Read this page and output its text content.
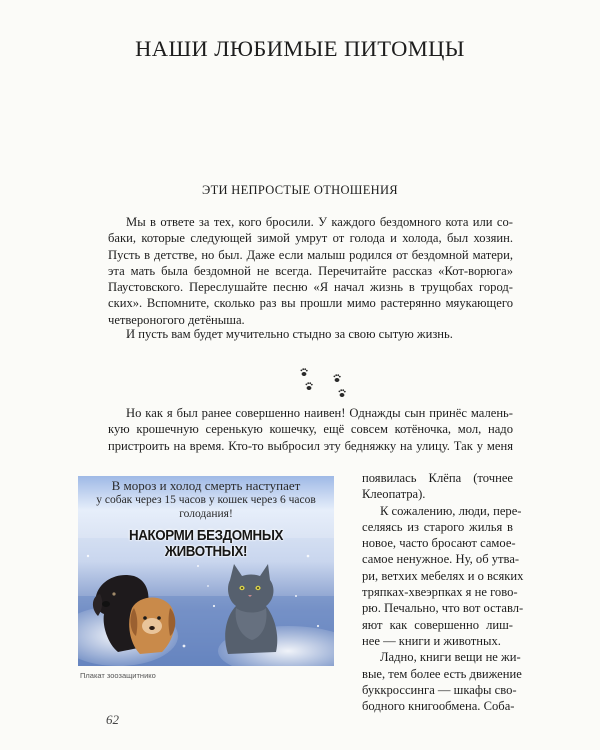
НАШИ ЛЮБИМЫЕ ПИТОМЦЫ
ЭТИ НЕПРОСТЫЕ ОТНОШЕНИЯ
Мы в ответе за тех, кого бросили. У каждого бездомного кота или со-
баки, которые следующей зимой умрут от голода и холода, был хозяин.
Пусть в детстве, но был. Даже если малыш родился от бездомной матери,
эта мать была бездомной не всегда. Перечитайте рассказ «Кот-ворюга»
Паустовского. Переслушайте песню «Я начал жизнь в трущобах город-
ских». Вспомните, сколько раз вы прошли мимо растерянно мяукающего
четвероногого детёныша.
И пусть вам будет мучительно стыдно за свою сытую жизнь.
Но как я был ранее совершенно наивен! Однажды сын принёс малень-
кую крошечную серенькую кошечку, ещё совсем котёночка, мол, надо
пристроить на время. Кто-то выбросил эту бедняжку на улицу. Так у меня
появилась Клёпа (точнее
Клеопатра).
К сожалению, люди, пере-
селяясь из старого жилья в
новое, часто бросают самое-
самое ненужное. Ну, об утва-
ри, ветхих мебелях и о всяких
тряпках-хвеэрпках я не гово-
рю. Печально, что вот оставл-
яют как совершенно лиш-
нее — книги и животных.
Ладно, книги вещи не жи-
вые, тем более есть движение
буккроссинга — шкафы сво-
бодного книгообмена. Соба-
В мороз и холод смерть наступает
у собак через 15 часов у кошек через 6 часов
голодания!
НАКОРМИ БЕЗДОМНЫХ ЖИВОТНЫХ!
Плакат зоозащитнико
62
